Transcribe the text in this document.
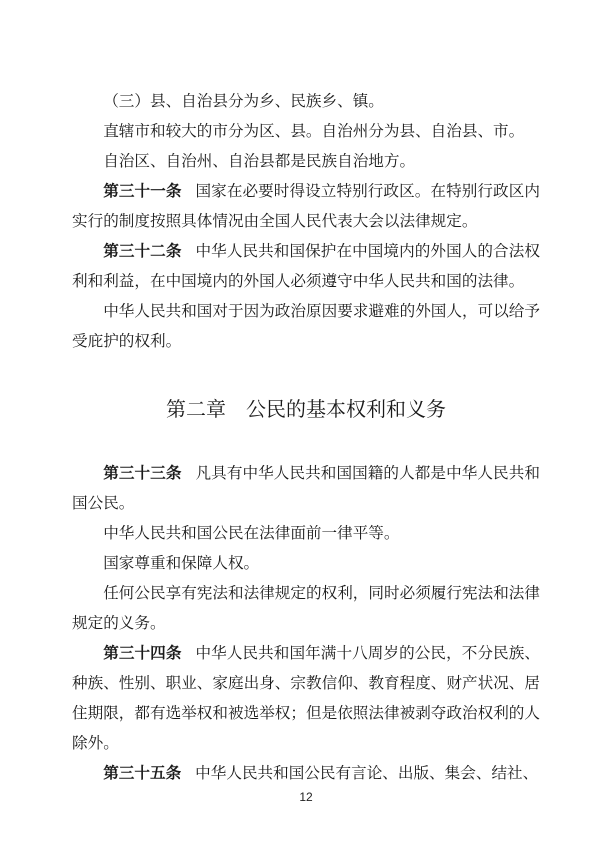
（三）县、自治县分为乡、民族乡、镇。

直辖市和较大的市分为区、县。自治州分为县、自治县、市。

自治区、自治州、自治县都是民族自治地方。

第三十一条 国家在必要时得设立特别行政区。在特别行政区内实行的制度按照具体情况由全国人民代表大会以法律规定。

第三十二条 中华人民共和国保护在中国境内的外国人的合法权利和利益，在中国境内的外国人必须遵守中华人民共和国的法律。

中华人民共和国对于因为政治原因要求避难的外国人，可以给予受庇护的权利。

第二章　公民的基本权利和义务

第三十三条 凡具有中华人民共和国国籍的人都是中华人民共和国公民。

中华人民共和国公民在法律面前一律平等。

国家尊重和保障人权。

任何公民享有宪法和法律规定的权利，同时必须履行宪法和法律规定的义务。

第三十四条 中华人民共和国年满十八周岁的公民，不分民族、种族、性别、职业、家庭出身、宗教信仰、教育程度、财产状况、居住期限，都有选举权和被选举权；但是依照法律被剥夺政治权利的人除外。

第三十五条 中华人民共和国公民有言论、出版、集会、结社、

12
